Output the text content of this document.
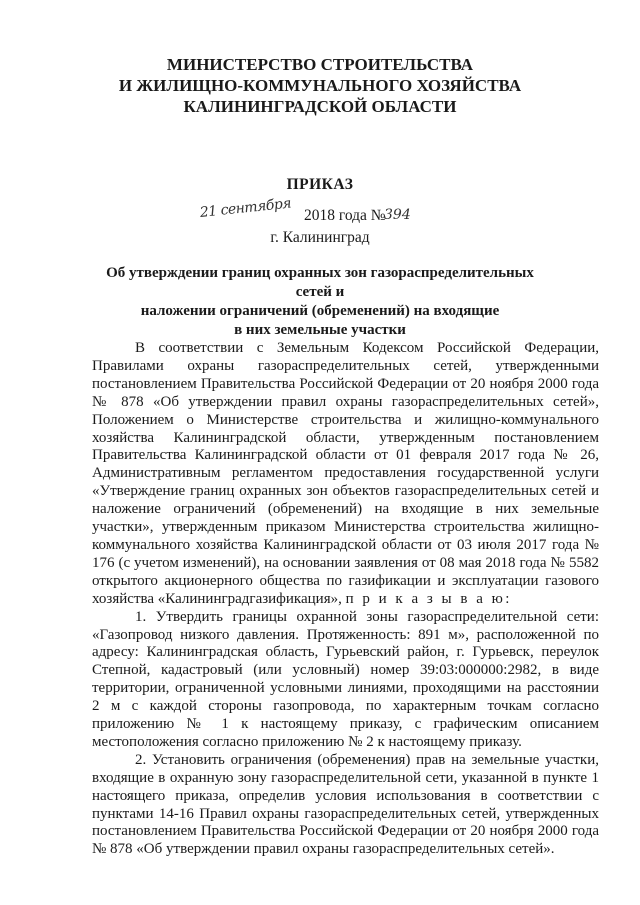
МИНИСТЕРСТВО СТРОИТЕЛЬСТВА
И ЖИЛИЩНО-КОММУНАЛЬНОГО ХОЗЯЙСТВА
КАЛИНИНГРАДСКОЙ ОБЛАСТИ
ПРИКАЗ
21 сентября 2018 года №
394
г. Калининград
Об утверждении границ охранных зон газораспределительных сетей и
наложении ограничений (обременений) на входящие
в них земельные участки

В соответствии с Земельным Кодексом Российской Федерации, Правилами охраны газораспределительных сетей, утвержденными постановлением Правительства Российской Федерации от 20 ноября 2000 года № 878 «Об утверждении правил охраны газораспределительных сетей», Положением о Министерстве строительства и жилищно-коммунального хозяйства Калининградской области, утвержденным постановлением Правительства Калининградской области от 01 февраля 2017 года № 26, Административным регламентом предоставления государственной услуги «Утверждение границ охранных зон объектов газораспределительных сетей и наложение ограничений (обременений) на входящие в них земельные участки», утвержденным приказом Министерства строительства жилищно-коммунального хозяйства Калининградской области от 03 июля 2017 года № 176 (с учетом изменений), на основании заявления от 08 мая 2018 года № 5582 открытого акционерного общества по газификации и эксплуатации газового хозяйства «Калининградгазификация», п р и к а з ы в а ю:

1. Утвердить границы охранной зоны газораспределительной сети: «Газопровод низкого давления. Протяженность: 891 м», расположенной по адресу: Калининградская область, Гурьевский район, г. Гурьевск, переулок Степной, кадастровый (или условный) номер 39:03:000000:2982, в виде территории, ограниченной условными линиями, проходящими на расстоянии 2 м с каждой стороны газопровода, по характерным точкам согласно приложению № 1 к настоящему приказу, с графическим описанием местоположения согласно приложению № 2 к настоящему приказу.

2. Установить ограничения (обременения) прав на земельные участки, входящие в охранную зону газораспределительной сети, указанной в пункте 1 настоящего приказа, определив условия использования в соответствии с пунктами 14-16 Правил охраны газораспределительных сетей, утвержденных постановлением Правительства Российской Федерации от 20 ноября 2000 года № 878 «Об утверждении правил охраны газораспределительных сетей».
